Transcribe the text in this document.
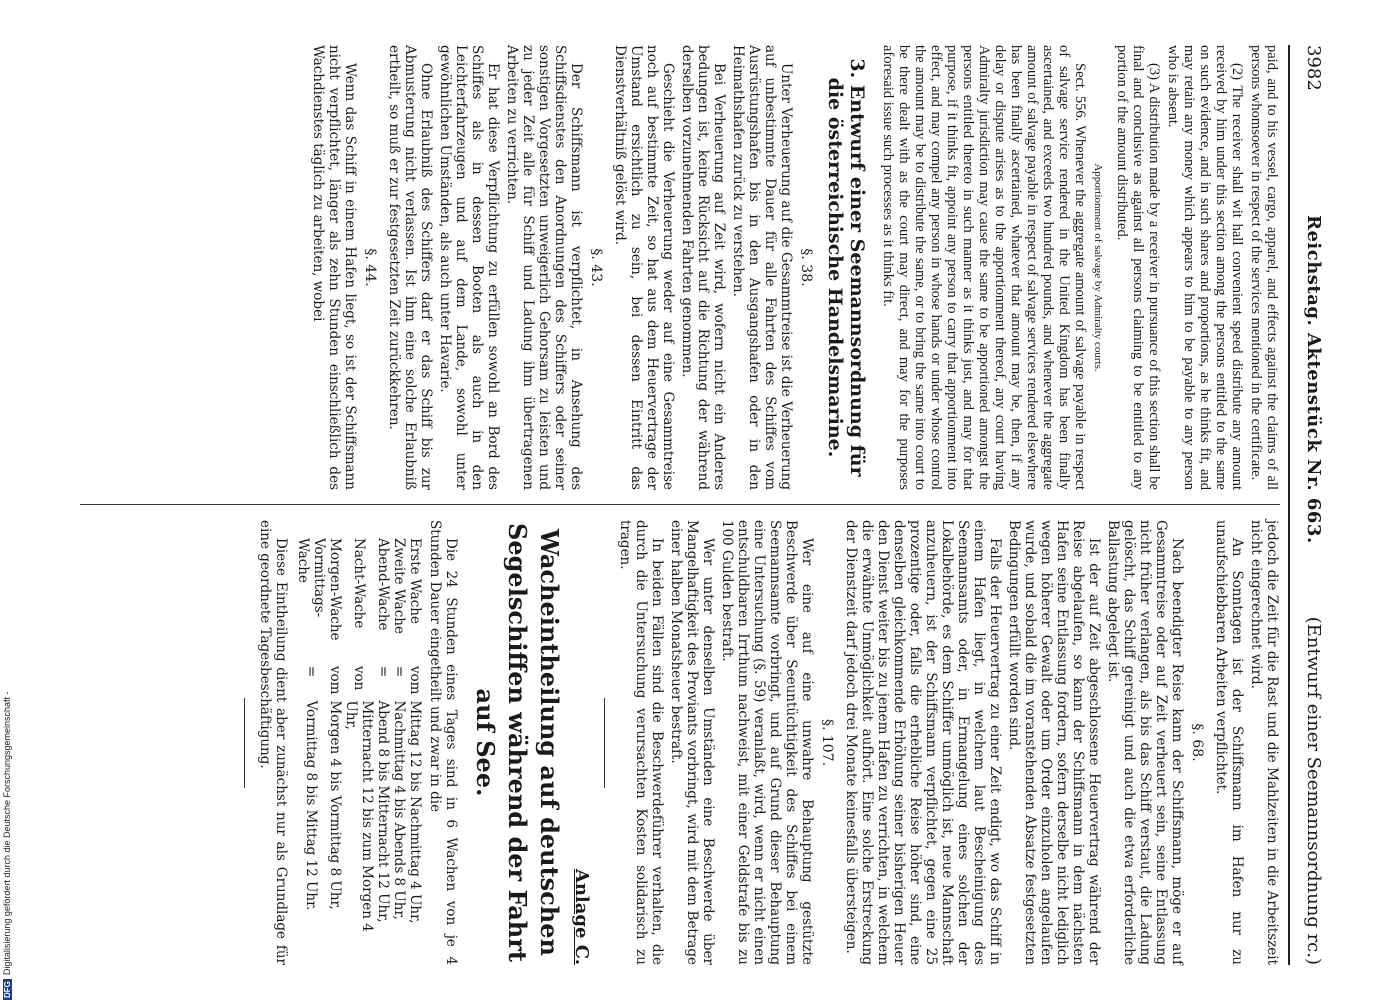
3982
Reichstag. Aktenstück Nr. 663.
(Entwurf einer Seemannsordnung rc.)

paid, and to his vessel, cargo, apparel, and effects against the claims of all persons whomsoever in respect of the services mentioned in the certificate.

(2) The receiver shall wit hall convenient speed distribute any amount received by him under this section among the persons entitled to the same on such evidence, and in such shares and proportions, as he thinks fit, and may retain any money which appears to him to be payable to any person who is absent.

(3) A distribution made by a receiver in pursuance of this section shall be final and conclusive as against all persons claiming to be entitled to any portion of the amount distributed.

Apportionment of salvage by Admiralty courts.

Sect. 556. Whenever the aggregate amount of salvage payable in respect of salvage service rendered in the United Kingdom has been finally ascertained, and exceeds two hundred pounds, and whenever the aggregate amount of salvage payable in respect of salvage services rendered elsewhere has been finally ascertained, whatever that amount may be, then, if any delay or dispute arises as to the apportionment thereof, any court having Admiralty jurisdiction may cause the same to be apportioned amongst the persons entitled thereto in such manner as it thinks just, and may for that purpose, if it thinks fit, appoint any person to carry that apportionment into effect, and may compel any person in whose hands or under whose control the amount may be to distribute the same, or to bring the same into court to be there dealt with as the court may direct, and may for the purposes aforesaid issue such processes as it thinks fit.

3. Entwurf einer Seemannsordnung für die österreichische Handelsmarine.
§. 38.

Unter Verheuerung auf die Gesammtreise ist die Verheuerung auf unbestimmte Dauer für alle Fahrten des Schiffes vom Ausrüstungshafen bis in den Ausgangshafen oder in den Heimathshafen zurück zu verstehen.

Bei Verheuerung auf Zeit wird, wofern nicht ein Anderes bedungen ist, keine Rücksicht auf die Richtung der während derselben vorzunehmenden Fahrten genommen.

Geschieht die Verheuerung weder auf eine Gesammtreise noch auf bestimmte Zeit, so hat aus dem Heuervertrage der Umstand ersichtlich zu sein, bei dessen Eintritt das Dienstverhältniß gelöst wird.

§. 43.

Der Schiffsmann ist verpflichtet, in Ansehung des Schiffsdienstes den Anordnungen des Schiffers oder seiner sonstigen Vorgesetzten unweigerlich Gehorsam zu leisten und zu jeder Zeit alle für Schiff und Ladung ihm übertragenen Arbeiten zu verrichten.

Er hat diese Verpflichtung zu erfüllen sowohl an Bord des Schiffes als in dessen Booten als auch in den Leichterfahrzeugen und auf dem Lande, sowohl unter gewöhnlichen Umständen, als auch unter Havarie.

Ohne Erlaubniß des Schiffers darf er das Schiff bis zur Abmusterung nicht verlassen. Ist ihm eine solche Erlaubniß ertheilt, so muß er zur festgesetzten Zeit zurückkehren.

§. 44.

Wenn das Schiff in einem Hafen liegt, so ist der Schiffsmann nicht verpflichtet, länger als zehn Stunden einschließlich des Wachdienstes täglich zu arbeiten, wobei

jedoch die Zeit für die Rast und die Mahlzeiten in die Arbeitszeit nicht eingerechnet wird.

An Sonntagen ist der Schiffsmann im Hafen nur zu unaufschiebbaren Arbeiten verpflichtet.

§. 68.

Nach beendigter Reise kann der Schiffsmann, möge er auf Gesammtreise oder auf Zeit verheuert sein, seine Entlassung nicht früher verlangen, als bis das Schiff verstaut, die Ladung gelöscht, das Schiff gereinigt und auch die etwa erforderliche Ballastung abgelegt ist.

Ist der auf Zeit abgeschlossene Heuervertrag während der Reise abgelaufen, so kann der Schiffsmann in dem nächsten Hafen seine Entlassung fordern, sofern derselbe nicht lediglich wegen höherer Gewalt oder um Order einzuholen angelaufen wurde, und sobald die im voranstehenden Absatze festgesetzten Bedingungen erfüllt worden sind.

Falls der Heuervertrag zu einer Zeit endigt, wo das Schiff in einem Hafen liegt, in welchem laut Bescheinigung des Seemannsamts oder, in Ermangelung eines solchen der Lokalbehörde, es dem Schiffer unmöglich ist, neue Mannschaft anzuheuern, ist der Schiffsmann verpflichtet, gegen eine 25 prozentige oder, falls die erhebliche Reise höher sind, eine denselben gleichkommende Erhöhung seiner bisherigen Heuer den Dienst weiter bis zu jenem Hafen zu verrichten, in welchem die erwähnte Unmöglichkeit aufhört. Eine solche Erstreckung der Dienstzeit darf jedoch drei Monate keinesfalls übersteigen.

§. 107.

Wer eine auf eine unwahre Behauptung gestützte Beschwerde über Seeuntüchtigkeit des Schiffes bei einem Seemannsamte vorbringt, und auf Grund dieser Behauptung eine Untersuchung (§. 59) veranlaßt, wird, wenn er nicht einen entschuldbaren Irrthum nachweist, mit einer Geldstrafe bis zu 100 Gulden bestraft.

Wer unter denselben Umständen eine Beschwerde über Mangelhaftigkeit des Proviants vorbringt, wird mit dem Betrage einer halben Monatsheuer bestraft.

In beiden Fällen sind die Beschwerdeführer verhalten, die durch die Untersuchung verursachten Kosten solidarisch zu tragen.

Anlage C.
Wacheintheilung auf deutschen Segelschiffen während der Fahrt auf See.

Die 24 Stunden eines Tages sind in 6 Wachen von je 4 Stunden Dauer eingetheilt und zwar in die

Erste Wache	vom	Mittag 12 bis Nachmittag 4 Uhr,
Zweite Wache	=	Nachmittag 4 bis Abends 8 Uhr,
Abend-Wache	=	Abend 8 bis Mitternacht 12 Uhr,
Nacht-Wache	von	Mitternacht 12 bis zum Morgen 4 Uhr,
Morgen-Wache	vom	Morgen 4 bis Vormittag 8 Uhr,
Vormittags-Wache	=	Vormittag 8 bis Mittag 12 Uhr.

Diese Eintheilung dient aber zunächst nur als Grundlage für eine geordnete Tagesbeschäftigung.

DFG
Digitalisierung gefördert durch die Deutsche Forschungsgemeinschaft -
